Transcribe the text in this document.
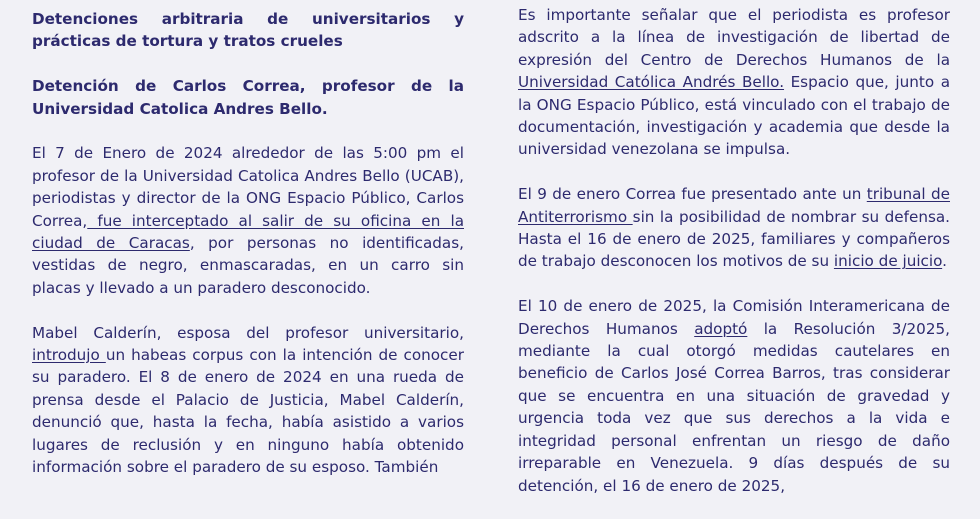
Detenciones arbitraria de universitarios y prácticas de tortura y tratos crueles

Detención de Carlos Correa, profesor de la Universidad Catolica Andres Bello.

El 7 de Enero de 2024 alrededor de las 5:00 pm el profesor de la Universidad Catolica Andres Bello (UCAB), periodistas y director de la ONG Espacio Público, Carlos Correa, fue interceptado al salir de su oficina en la ciudad de Caracas, por personas no identificadas, vestidas de negro, enmascaradas, en un carro sin placas y llevado a un paradero desconocido.

Mabel Calderín, esposa del profesor universitario, introdujo un habeas corpus con la intención de conocer su paradero. El 8 de enero de 2024 en una rueda de prensa desde el Palacio de Justicia, Mabel Calderín, denunció que, hasta la fecha, había asistido a varios lugares de reclusión y en ninguno había obtenido información sobre el paradero de su esposo. También

Es importante señalar que el periodista es profesor adscrito a la línea de investigación de libertad de expresión del Centro de Derechos Humanos de la Universidad Católica Andrés Bello. Espacio que, junto a la ONG Espacio Público, está vinculado con el trabajo de documentación, investigación y academia que desde la universidad venezolana se impulsa.

El 9 de enero Correa fue presentado ante un tribunal de Antiterrorismo sin la posibilidad de nombrar su defensa. Hasta el 16 de enero de 2025, familiares y compañeros de trabajo desconocen los motivos de su inicio de juicio.

El 10 de enero de 2025, la Comisión Interamericana de Derechos Humanos adoptó la Resolución 3/2025, mediante la cual otorgó medidas cautelares en beneficio de Carlos José Correa Barros, tras considerar que se encuentra en una situación de gravedad y urgencia toda vez que sus derechos a la vida e integridad personal enfrentan un riesgo de daño irreparable en Venezuela. 9 días después de su detención, el 16 de enero de 2025,
